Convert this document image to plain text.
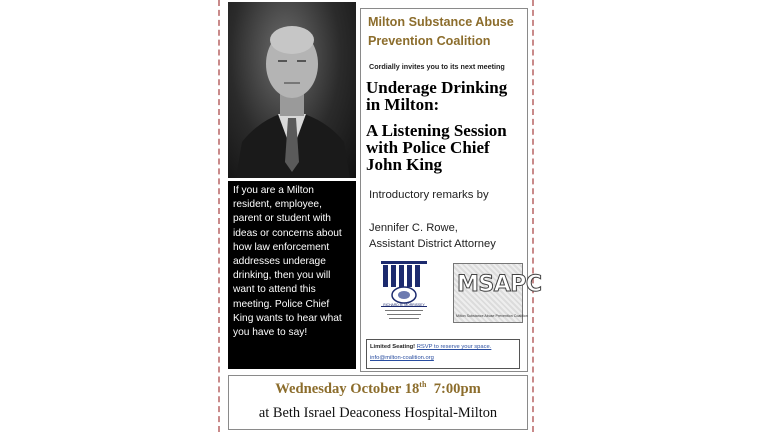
If you are a Milton
resident, employee,
parent or student with
ideas or concerns about
how law enforcement
addresses underage
drinking, then you will
want to attend this
meeting. Police Chief
King wants to hear what
you have to say!
Milton Substance Abuse
Prevention Coalition
Cordially invites you to its next meeting
Underage Drinking
in Milton:
A Listening Session
with Police Chief
John King
Introductory remarks by
Jennifer C. Rowe,
Assistant District Attorney
RICHARD M. MORRISSEY
MSAPC
Milton Substance Abuse Prevention Coalition
Limited Seating! RSVP to reserve your space.
info@milton-coalition.org
Wednesday October 18th 7:00pm
at Beth Israel Deaconess Hospital-Milton
